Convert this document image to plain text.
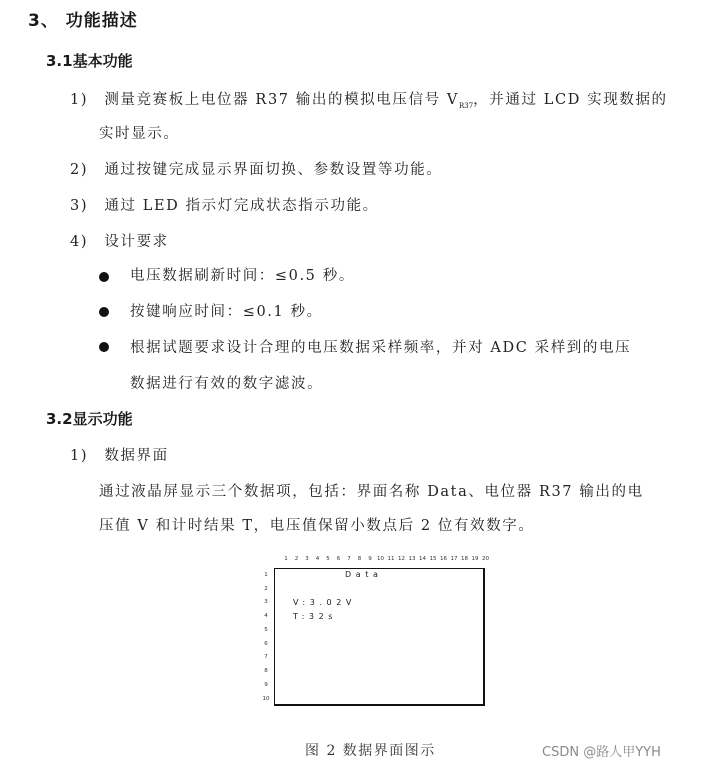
3、 功能描述
3.1基本功能
1) 测量竞赛板上电位器 R37 输出的模拟电压信号 $V_{R37}$，并通过 LCD 实现数据的
实时显示。
2) 通过按键完成显示界面切换、参数设置等功能。
3) 通过 LED 指示灯完成状态指示功能。
4) 设计要求
电压数据刷新时间：≤0.5 秒。
按键响应时间：≤0.1 秒。
根据试题要求设计合理的电压数据采样频率，并对 ADC 采样到的电压
数据进行有效的数字滤波。
3.2显示功能
1) 数据界面
通过液晶屏显示三个数据项，包括：界面名称 Data、电位器 R37 输出的电
压值 V 和计时结果 T，电压值保留小数点后 2 位有效数字。
1	2	3	4	5	6	7	8	9 10 11 12 13 14 15 16 17 18 19 20
1
2
3
4
5
6
7
8
9
10
Data
V:3.02V
T:32s
图 2 数据界面图示	CSDN @路人甲YYH
